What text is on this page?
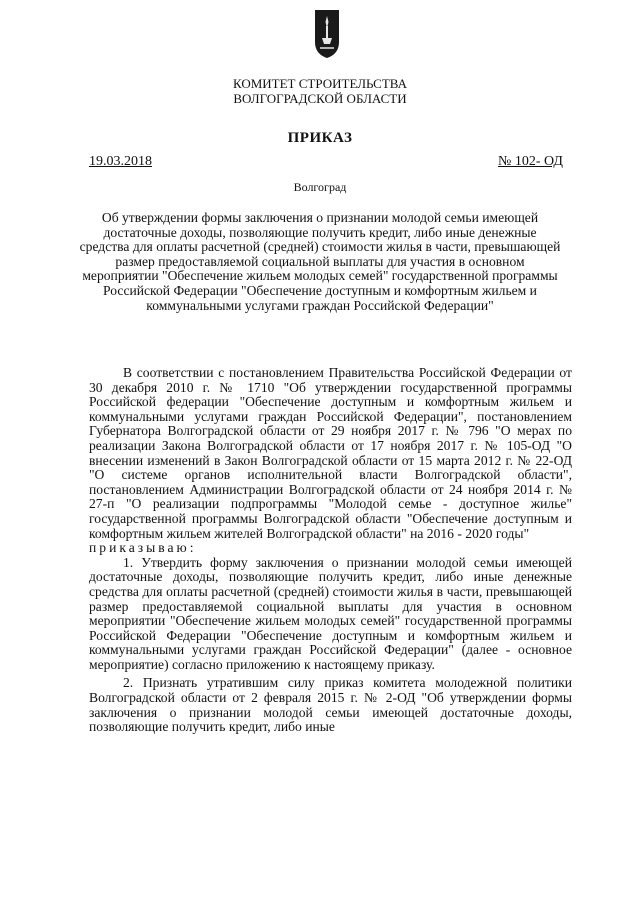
КОМИТЕТ СТРОИТЕЛЬСТВА
ВОЛГОГРАДСКОЙ ОБЛАСТИ
ПРИКАЗ
19.03.2018	№ 102- ОД
Волгоград
Об утверждении формы заключения о признании молодой семьи имеющей достаточные доходы, позволяющие получить кредит, либо иные денежные средства для оплаты расчетной (средней) стоимости жилья в части, превышающей размер предоставляемой социальной выплаты для участия в основном мероприятии "Обеспечение жильем молодых семей" государственной программы Российской Федерации "Обеспечение доступным и комфортным жильем и коммунальными услугами граждан Российской Федерации"

В соответствии с постановлением Правительства Российской Федерации от 30 декабря 2010 г. № 1710 "Об утверждении государственной программы Российской федерации "Обеспечение доступным и комфортным жильем и коммунальными услугами граждан Российской Федерации", постановлением Губернатора Волгоградской области от 29 ноября 2017 г. № 796 "О мерах по реализации Закона Волгоградской области от 17 ноября 2017 г. № 105-ОД "О внесении изменений в Закон Волгоградской области от 15 марта 2012 г. № 22-ОД "О системе органов исполнительной власти Волгоградской области", постановлением Администрации Волгоградской области от 24 ноября 2014 г. № 27-п "О реализации подпрограммы "Молодой семье - доступное жилье" государственной программы Волгоградской области "Обеспечение доступным и комфортным жильем жителей Волгоградской области" на 2016 - 2020 годы"

приказываю:

1. Утвердить форму заключения о признании молодой семьи имеющей достаточные доходы, позволяющие получить кредит, либо иные денежные средства для оплаты расчетной (средней) стоимости жилья в части, превышающей размер предоставляемой социальной выплаты для участия в основном мероприятии "Обеспечение жильем молодых семей" государственной программы Российской Федерации "Обеспечение доступным и комфортным жильем и коммунальными услугами граждан Российской Федерации" (далее - основное мероприятие) согласно приложению к настоящему приказу.

2. Признать утратившим силу приказ комитета молодежной политики Волгоградской области от 2 февраля 2015 г. № 2-ОД "Об утверждении формы заключения о признании молодой семьи имеющей достаточные доходы, позволяющие получить кредит, либо иные
